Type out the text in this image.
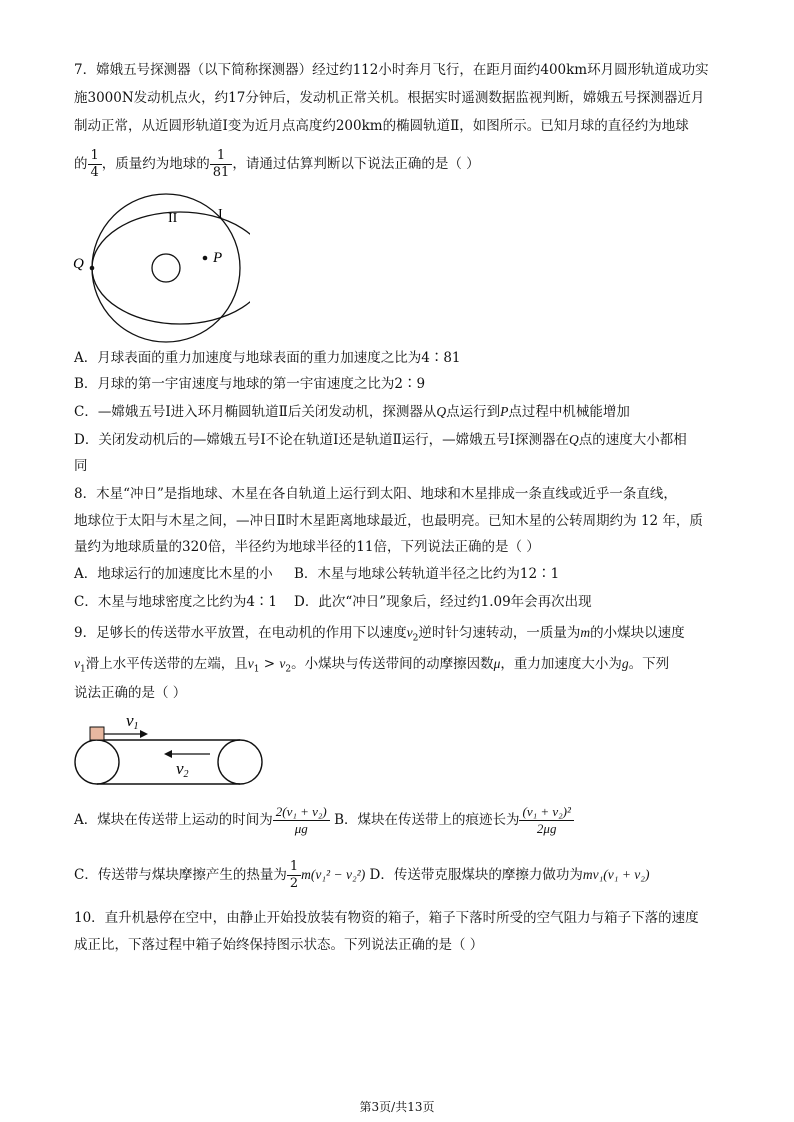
7．嫦娥五号探测器（以下简称探测器）经过约112小时奔月飞行，在距月面约400km环月圆形轨道成功实
施3000N发动机点火，约17分钟后，发动机正常关机。根据实时遥测数据监视判断，嫦娥五号探测器近月
制动正常，从近圆形轨道Ⅰ变为近月点高度约200km的椭圆轨道Ⅱ，如图所示。已知月球的直径约为地球
的 $\frac{1}{4}$ ，质量约为地球的 $\frac{1}{81}$ ，请通过估算判断以下说法正确的是（ ）
I
II
Q	P
A．月球表面的重力加速度与地球表面的重力加速度之比为4∶81
B．月球的第一宇宙速度与地球的第一宇宙速度之比为2∶9
C．—嫦娥五号Ⅰ进入环月椭圆轨道Ⅱ后关闭发动机，探测器从Q点运行到P点过程中机械能增加
D．关闭发动机后的—嫦娥五号Ⅰ不论在轨道Ⅰ还是轨道Ⅱ运行，—嫦娥五号Ⅰ探测器在Q点的速度大小都相
同
8．木星“冲日”是指地球、木星在各自轨道上运行到太阳、地球和木星排成一条直线或近乎一条直线，
地球位于太阳与木星之间，—冲日Ⅱ时木星距离地球最近，也最明亮。已知木星的公转周期约为 12 年，质
量约为地球质量的320倍，半径约为地球半径的11倍，下列说法正确的是（ ）
A．地球运行的加速度比木星的小 B．木星与地球公转轨道半径之比约为12∶1
C．木星与地球密度之比约为4∶1 D．此次“冲日”现象后，经过约1.09年会再次出现
9．足够长的传送带水平放置，在电动机的作用下以速度$v_2$逆时针匀速转动，一质量为m的小煤块以速度
$v_1$滑上水平传送带的左端，且$v_1 > v_2$。小煤块与传送带间的动摩擦因数μ，重力加速度大小为g。下列
说法正确的是（ ）
v1
v2
A．煤块在传送带上运动的时间为 $\frac{\text{2(v₁ + v₂)}}{\mu g}$ B．煤块在传送带上的痕迹长为 $\frac{\text{(v₁ + v₂)²}}{2\mu g}$
C．传送带与煤块摩擦产生的热量为 $\frac{1}{2} m(v_1^2 - v_2^2)$ D．传送带克服煤块的摩擦力做功为mv₁(v₁ + v₂)
10．直升机悬停在空中，由静止开始投放装有物资的箱子，箱子下落时所受的空气阻力与箱子下落的速度
成正比，下落过程中箱子始终保持图示状态。下列说法正确的是（ ）
第3页/共13页
